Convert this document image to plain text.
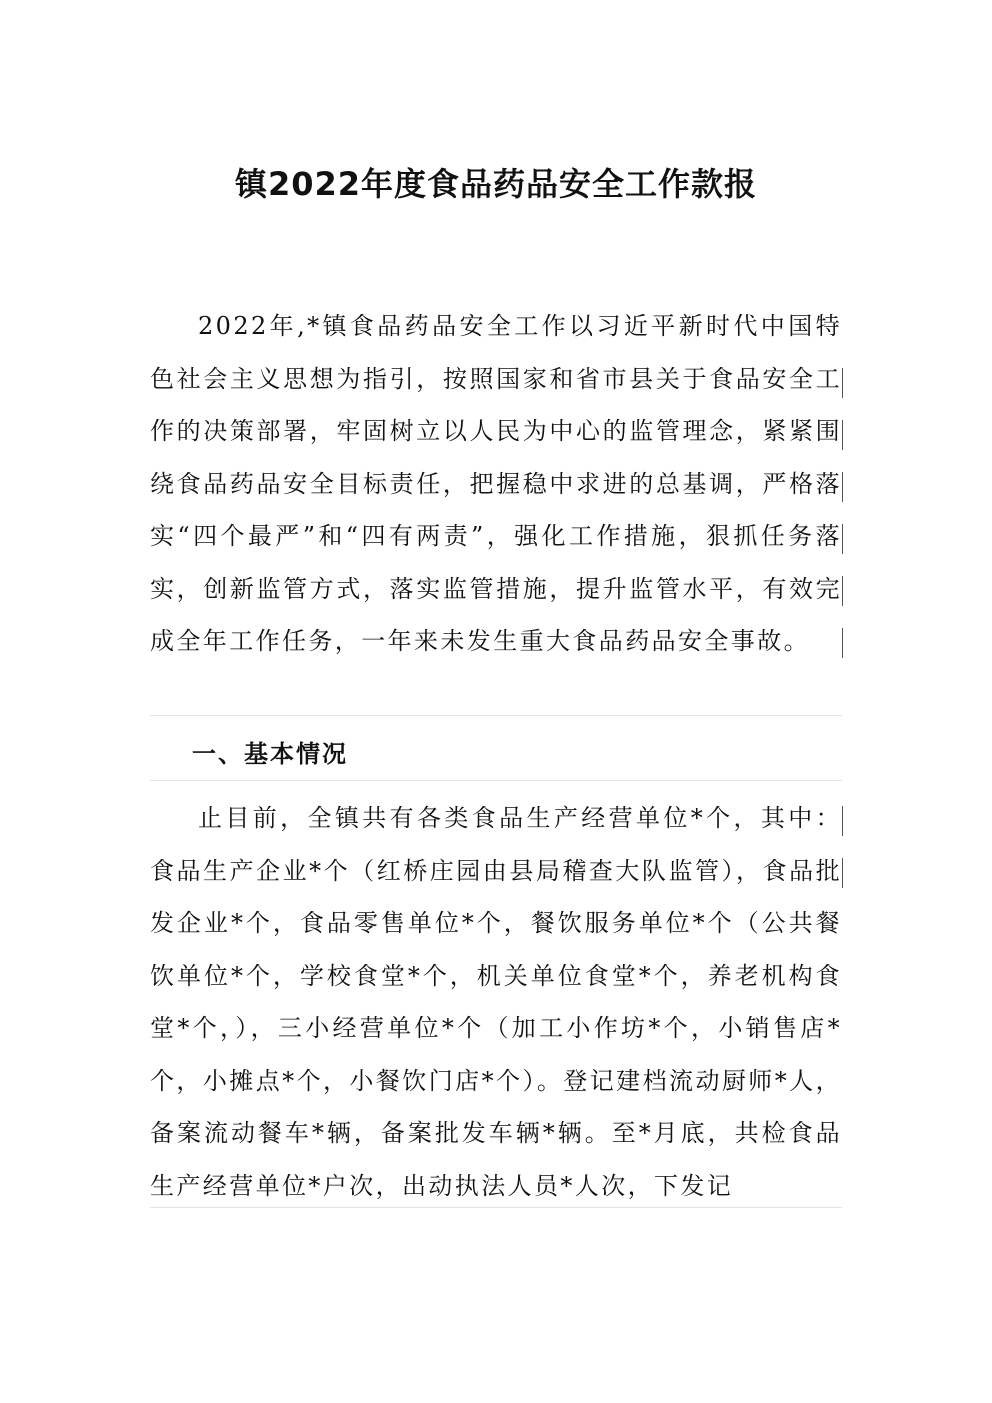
镇2022年度食品药品安全工作款报

2022年,*镇食品药品安全工作以习近平新时代中国特色社会主义思想为指引，按照国家和省市县关于食品安全工作的决策部署，牢固树立以人民为中心的监管理念，紧紧围绕食品药品安全目标责任，把握稳中求进的总基调，严格落实“四个最严”和“四有两责”，强化工作措施，狠抓任务落实，创新监管方式，落实监管措施，提升监管水平，有效完成全年工作任务，一年来未发生重大食品药品安全事故。

一、基本情况

止目前，全镇共有各类食品生产经营单位*个，其中：食品生产企业*个（红桥庄园由县局稽查大队监管），食品批发企业*个，食品零售单位*个，餐饮服务单位*个（公共餐饮单位*个，学校食堂*个，机关单位食堂*个，养老机构食堂*个，），三小经营单位*个（加工小作坊*个，小销售店*个，小摊点*个，小餐饮门店*个）。登记建档流动厨师*人，备案流动餐车*辆，备案批发车辆*辆。至*月底，共检食品生产经营单位*户次，出动执法人员*人次，下发记
